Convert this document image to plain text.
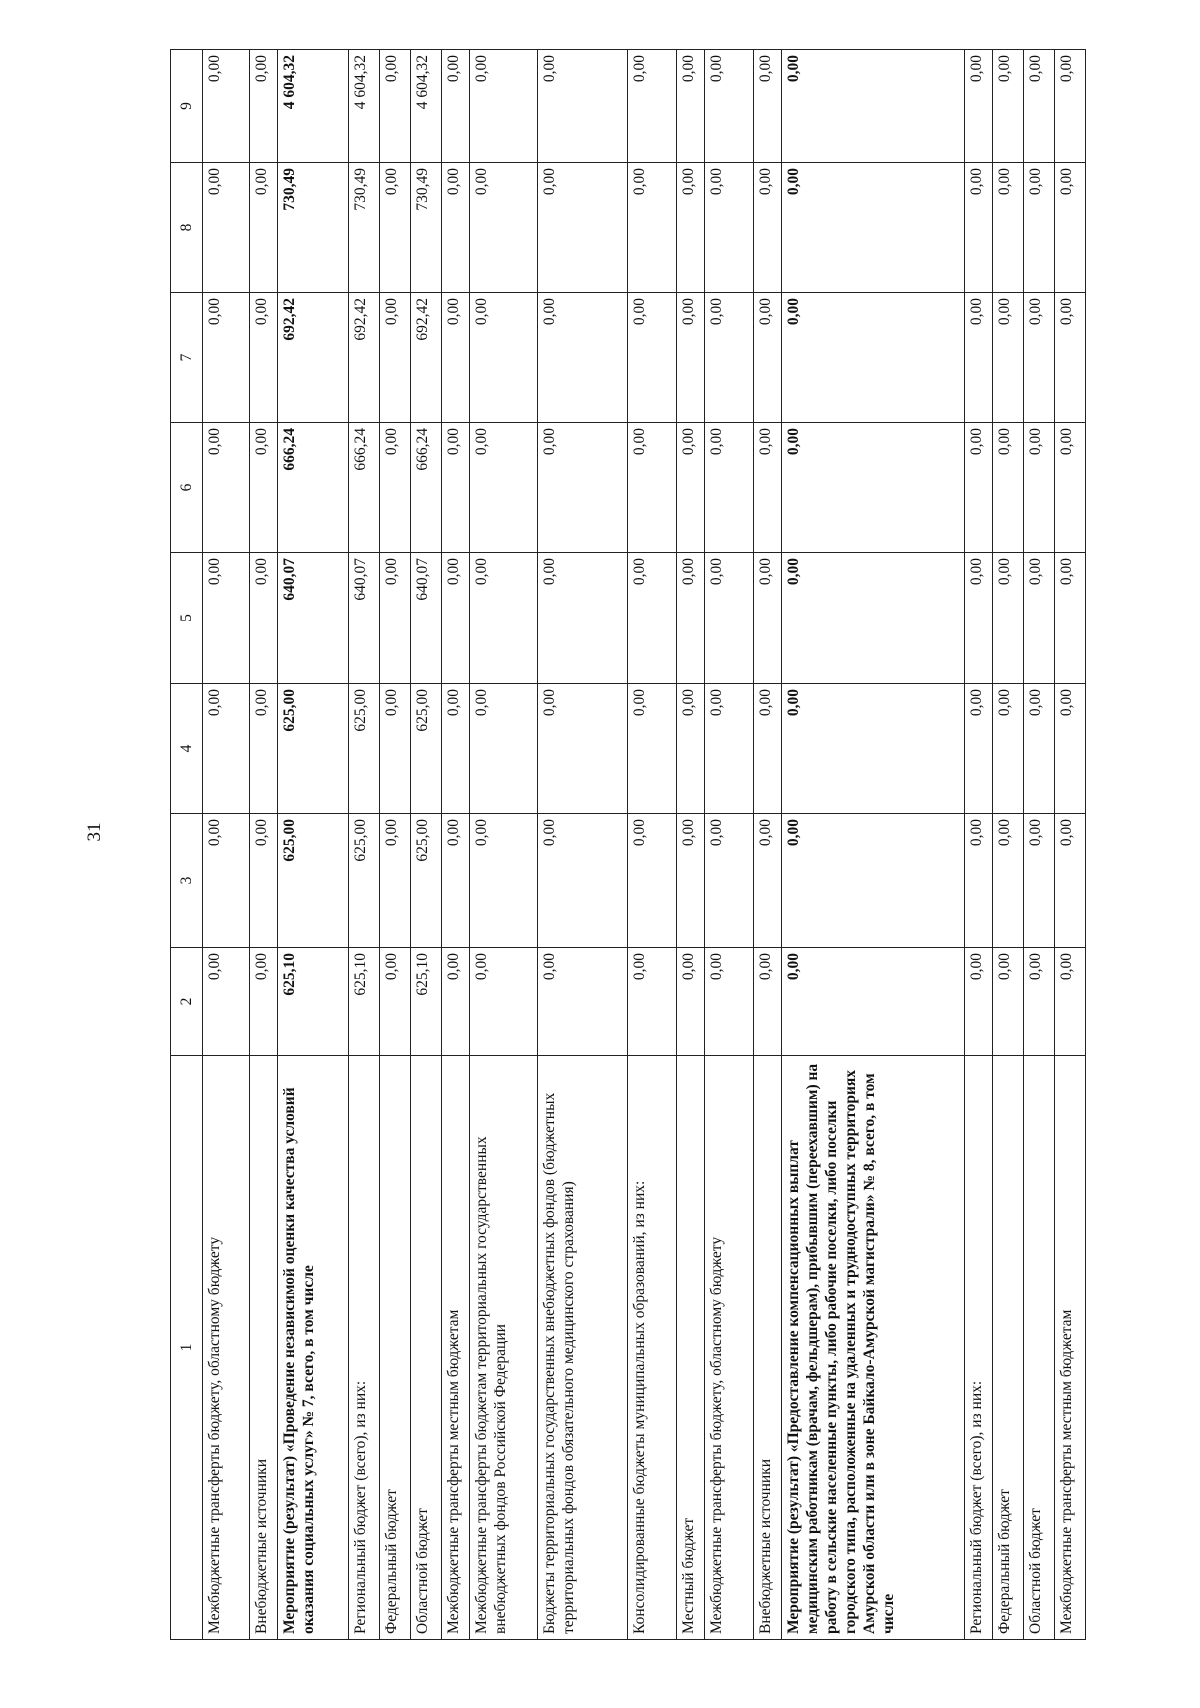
31
1	2	3	4	5	6	7	8	9
Межбюджетные трансферты бюджету, областному бюджету	0,00	0,00	0,00	0,00	0,00	0,00	0,00	0,00
Внебюджетные источники	0,00	0,00	0,00	0,00	0,00	0,00	0,00	0,00
Мероприятие (результат) «Проведение независимой оценки качества условий оказания социальных услуг» № 7, всего, в том числе	625,10	625,00	625,00	640,07	666,24	692,42	730,49	4 604,32
Региональный бюджет (всего), из них:	625,10	625,00	625,00	640,07	666,24	692,42	730,49	4 604,32
Федеральный бюджет	0,00	0,00	0,00	0,00	0,00	0,00	0,00	0,00
Областной бюджет	625,10	625,00	625,00	640,07	666,24	692,42	730,49	4 604,32
Межбюджетные трансферты местным бюджетам	0,00	0,00	0,00	0,00	0,00	0,00	0,00	0,00
Межбюджетные трансферты бюджетам территориальных государственных внебюджетных фондов Российской Федерации	0,00	0,00	0,00	0,00	0,00	0,00	0,00	0,00
Бюджеты территориальных государственных внебюджетных фондов (бюджетных территориальных фондов обязательного медицинского страхования)	0,00	0,00	0,00	0,00	0,00	0,00	0,00	0,00
Консолидированные бюджеты муниципальных образований, из них:	0,00	0,00	0,00	0,00	0,00	0,00	0,00	0,00
Местный бюджет	0,00	0,00	0,00	0,00	0,00	0,00	0,00	0,00
Межбюджетные трансферты бюджету, областному бюджету	0,00	0,00	0,00	0,00	0,00	0,00	0,00	0,00
Внебюджетные источники	0,00	0,00	0,00	0,00	0,00	0,00	0,00	0,00
Мероприятие (результат) «Предоставление компенсационных выплат медицинским работникам (врачам, фельдшерам), прибывшим (переехавшим) на работу в сельские населенные пункты, либо рабочие поселки, либо поселки городского типа, расположенные на удаленных и труднодоступных территориях Амурской области или в зоне Байкало-Амурской магистрали» № 8, всего, в том числе	0,00	0,00	0,00	0,00	0,00	0,00	0,00	0,00
Региональный бюджет (всего), из них:	0,00	0,00	0,00	0,00	0,00	0,00	0,00	0,00
Федеральный бюджет	0,00	0,00	0,00	0,00	0,00	0,00	0,00	0,00
Областной бюджет	0,00	0,00	0,00	0,00	0,00	0,00	0,00	0,00
Межбюджетные трансферты местным бюджетам	0,00	0,00	0,00	0,00	0,00	0,00	0,00	0,00
